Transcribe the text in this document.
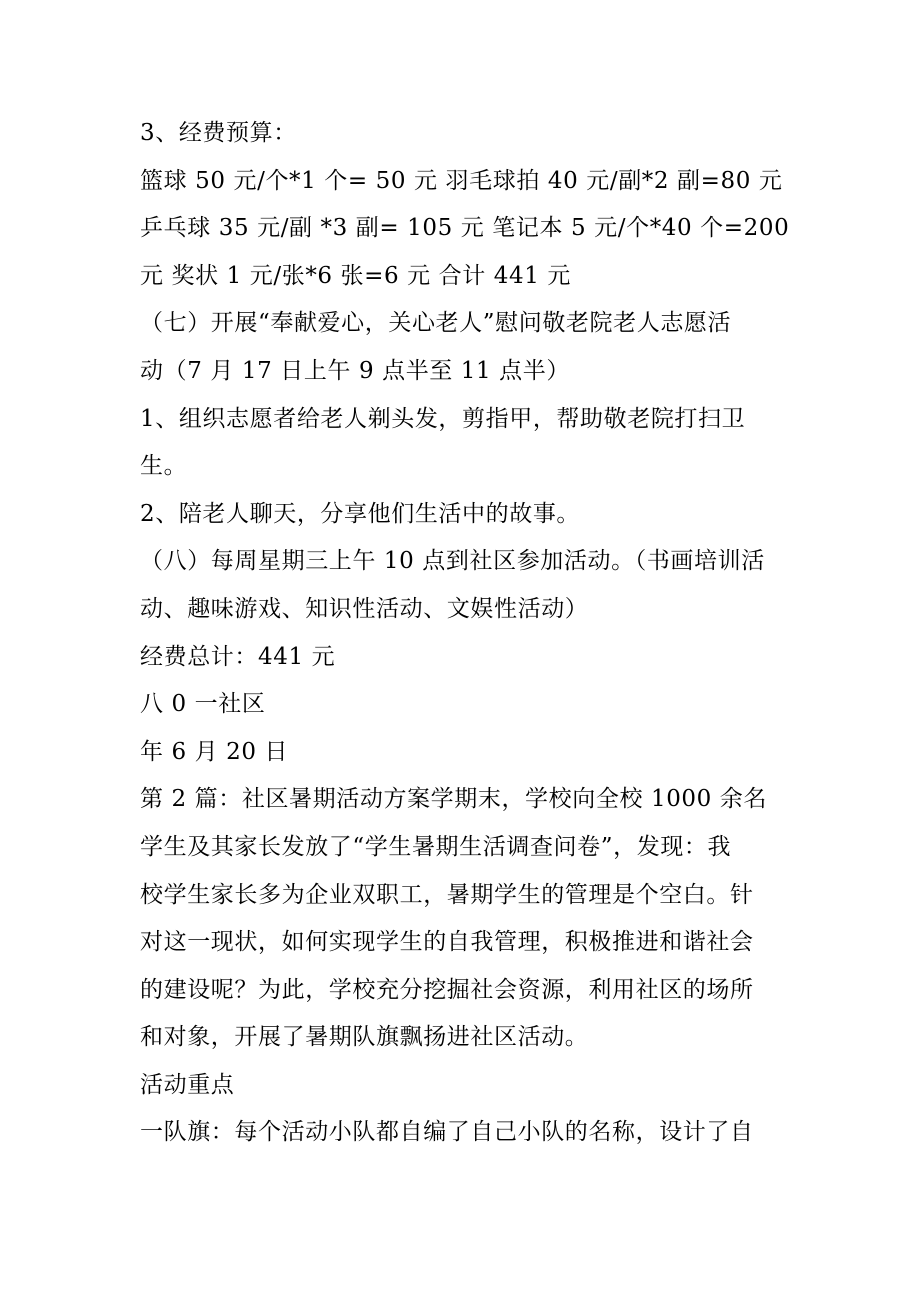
3、经费预算：
篮球 50 元/个*1 个= 50 元 羽毛球拍 40 元/副*2 副=80 元
乒乓球 35 元/副 *3 副= 105 元 笔记本 5 元/个*40 个=200
元 奖状 1 元/张*6 张=6 元 合计 441 元
（七）开展“奉献爱心，关心老人”慰问敬老院老人志愿活
动（7 月 17 日上午 9 点半至 11 点半）
1、组织志愿者给老人剃头发，剪指甲，帮助敬老院打扫卫
生。
2、陪老人聊天，分享他们生活中的故事。
（八）每周星期三上午 10 点到社区参加活动。（书画培训活
动、趣味游戏、知识性活动、文娱性活动）
经费总计：441 元
八 0 一社区
年 6 月 20 日
第 2 篇：社区暑期活动方案学期末，学校向全校 1000 余名
学生及其家长发放了“学生暑期生活调查问卷”，发现：我
校学生家长多为企业双职工，暑期学生的管理是个空白。针
对这一现状，如何实现学生的自我管理，积极推进和谐社会
的建设呢？为此，学校充分挖掘社会资源，利用社区的场所
和对象，开展了暑期队旗飘扬进社区活动。
活动重点
一队旗：每个活动小队都自编了自己小队的名称，设计了自
